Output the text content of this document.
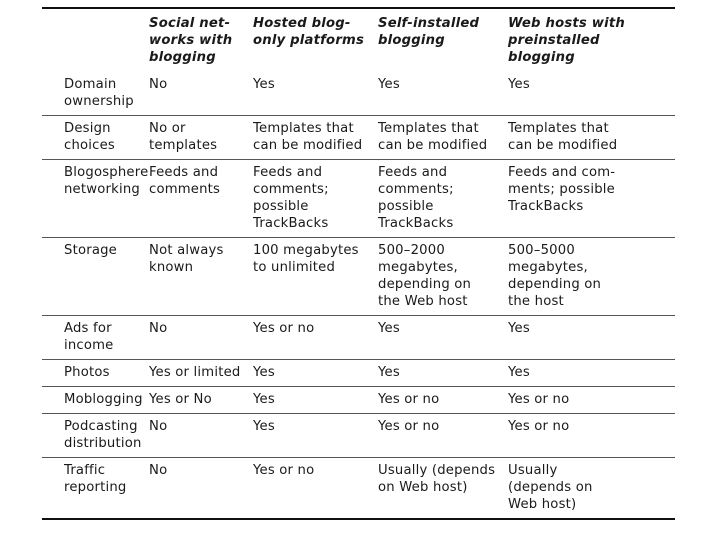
	Social net-
works with
blogging	Hosted blog-
only platforms	Self-installed
blogging	Web hosts with
preinstalled
blogging
Domain
ownership	No	Yes	Yes	Yes
Design
choices	No or
templates	Templates that
can be modified	Templates that
can be modified	Templates that
can be modified
Blogosphere
networking	Feeds and
comments	Feeds and
comments;
possible
TrackBacks	Feeds and
comments;
possible
TrackBacks	Feeds and com-
ments; possible
TrackBacks
Storage	Not always
known	100 megabytes
to unlimited	500–2000
megabytes,
depending on
the Web host	500–5000
megabytes,
depending on
the host
Ads for
income	No	Yes or no	Yes	Yes
Photos	Yes or limited	Yes	Yes	Yes
Moblogging	Yes or No	Yes	Yes or no	Yes or no
Podcasting
distribution	No	Yes	Yes or no	Yes or no
Traffic
reporting	No	Yes or no	Usually (depends
on Web host)	Usually
(depends on
Web host)
